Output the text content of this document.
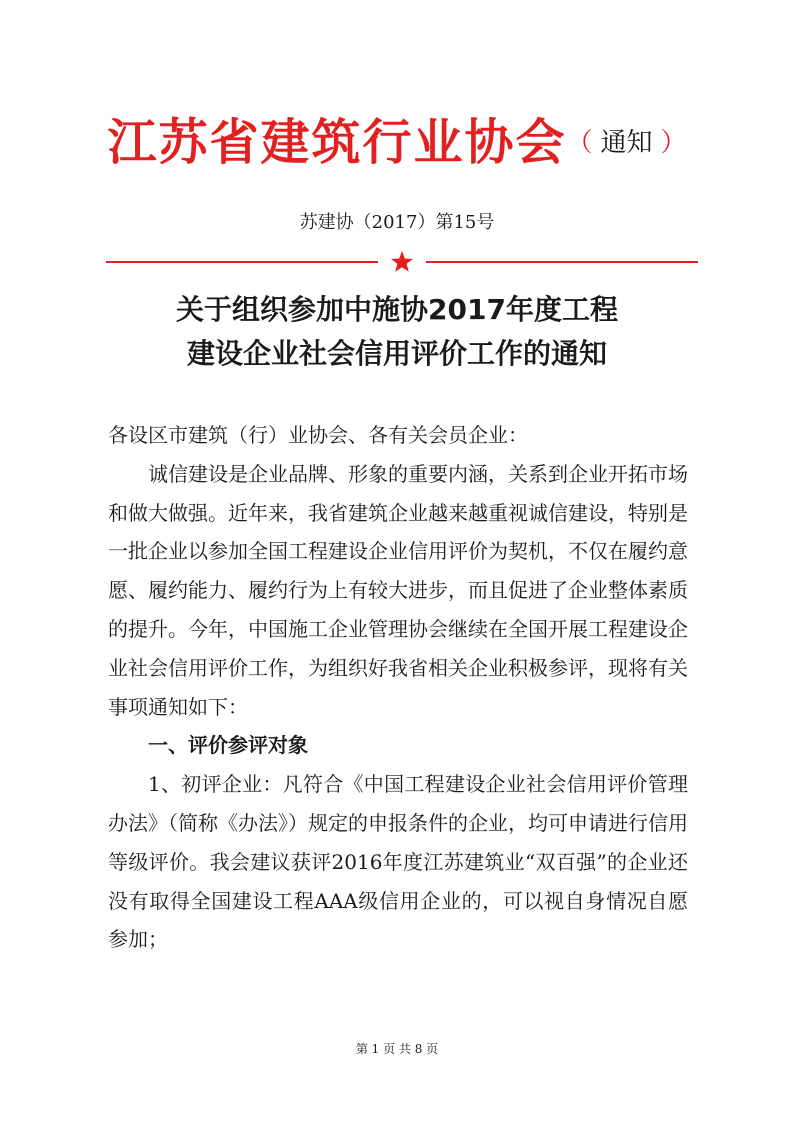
江苏省建筑行业协会（ 通知 ）
苏建协（2017）第15号
关于组织参加中施协2017年度工程
建设企业社会信用评价工作的通知

各设区市建筑（行）业协会、各有关会员企业：

诚信建设是企业品牌、形象的重要内涵，关系到企业开拓市场和做大做强。近年来，我省建筑企业越来越重视诚信建设，特别是一批企业以参加全国工程建设企业信用评价为契机，不仅在履约意愿、履约能力、履约行为上有较大进步，而且促进了企业整体素质的提升。今年，中国施工企业管理协会继续在全国开展工程建设企业社会信用评价工作，为组织好我省相关企业积极参评，现将有关事项通知如下：

一、评价参评对象

1、初评企业：凡符合《中国工程建设企业社会信用评价管理办法》（简称《办法》）规定的申报条件的企业，均可申请进行信用等级评价。我会建议获评2016年度江苏建筑业“双百强”的企业还没有取得全国建设工程AAA级信用企业的，可以视自身情况自愿参加；

第 1 页 共 8 页
